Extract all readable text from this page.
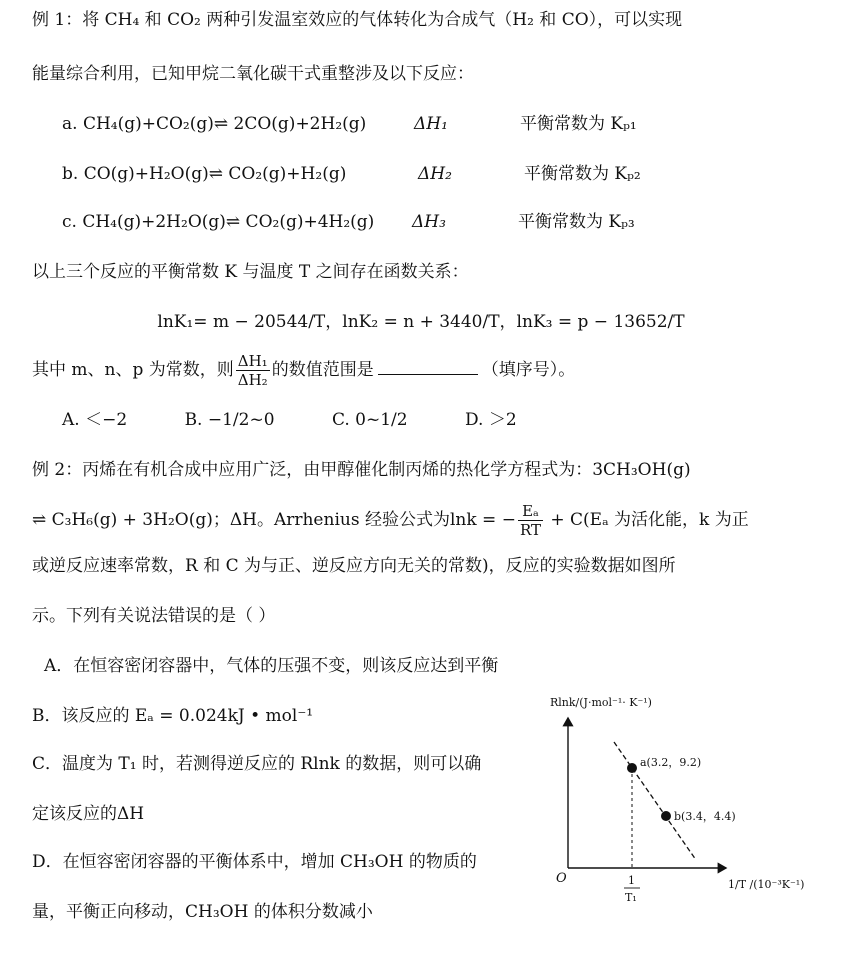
例 1：将 CH₄ 和 CO₂ 两种引发温室效应的气体转化为合成气（H₂ 和 CO），可以实现
能量综合利用，已知甲烷二氧化碳干式重整涉及以下反应：
a. CH₄(g)+CO₂(g)⇌ 2CO(g)+2H₂(g)	ΔH₁	平衡常数为 Kₚ₁
b. CO(g)+H₂O(g)⇌ CO₂(g)+H₂(g)	ΔH₂	平衡常数为 Kₚ₂
c. CH₄(g)+2H₂O(g)⇌ CO₂(g)+4H₂(g) ΔH₃	平衡常数为 Kₚ₃
以上三个反应的平衡常数 K 与温度 T 之间存在函数关系：
lnK₁= m − 20544/T，lnK₂ = n + 3440/T，lnK₃ = p − 13652/T
其中 m、n、p 为常数，则 $\frac{\text{ΔH₁}}{\text{ΔH₂}}$ 的数值范围是	（填序号）。
A. ＜−2	B. −1/2~0	C. 0~1/2	D. ＞2
例 2：丙烯在有机合成中应用广泛，由甲醇催化制丙烯的热化学方程式为：3CH₃OH(g)
⇌ C₃H₆(g) + 3H₂O(g)；ΔH。Arrhenius 经验公式为lnk = − $\frac{\text{Eₐ}}{RT} + C(E_a$ 为活化能，k 为正
或逆反应速率常数，R 和 C 为与正、逆反应方向无关的常数)，反应的实验数据如图所
示。下列有关说法错误的是（ ）
A．在恒容密闭容器中，气体的压强不变，则该反应达到平衡
B．该反应的 Eₐ = 0.024kJ • mol⁻¹
C．温度为 T₁ 时，若测得逆反应的 Rlnk 的数据，则可以确
定该反应的ΔH
D．在恒容密闭容器的平衡体系中，增加 CH₃OH 的物质的
量，平衡正向移动，CH₃OH 的体积分数减小
Rlnk/(J·mol⁻¹· K⁻¹)
O	1/T /(10⁻³K⁻¹)
a(3.2，9.2)
b(3.4，4.4)
1
T₁
